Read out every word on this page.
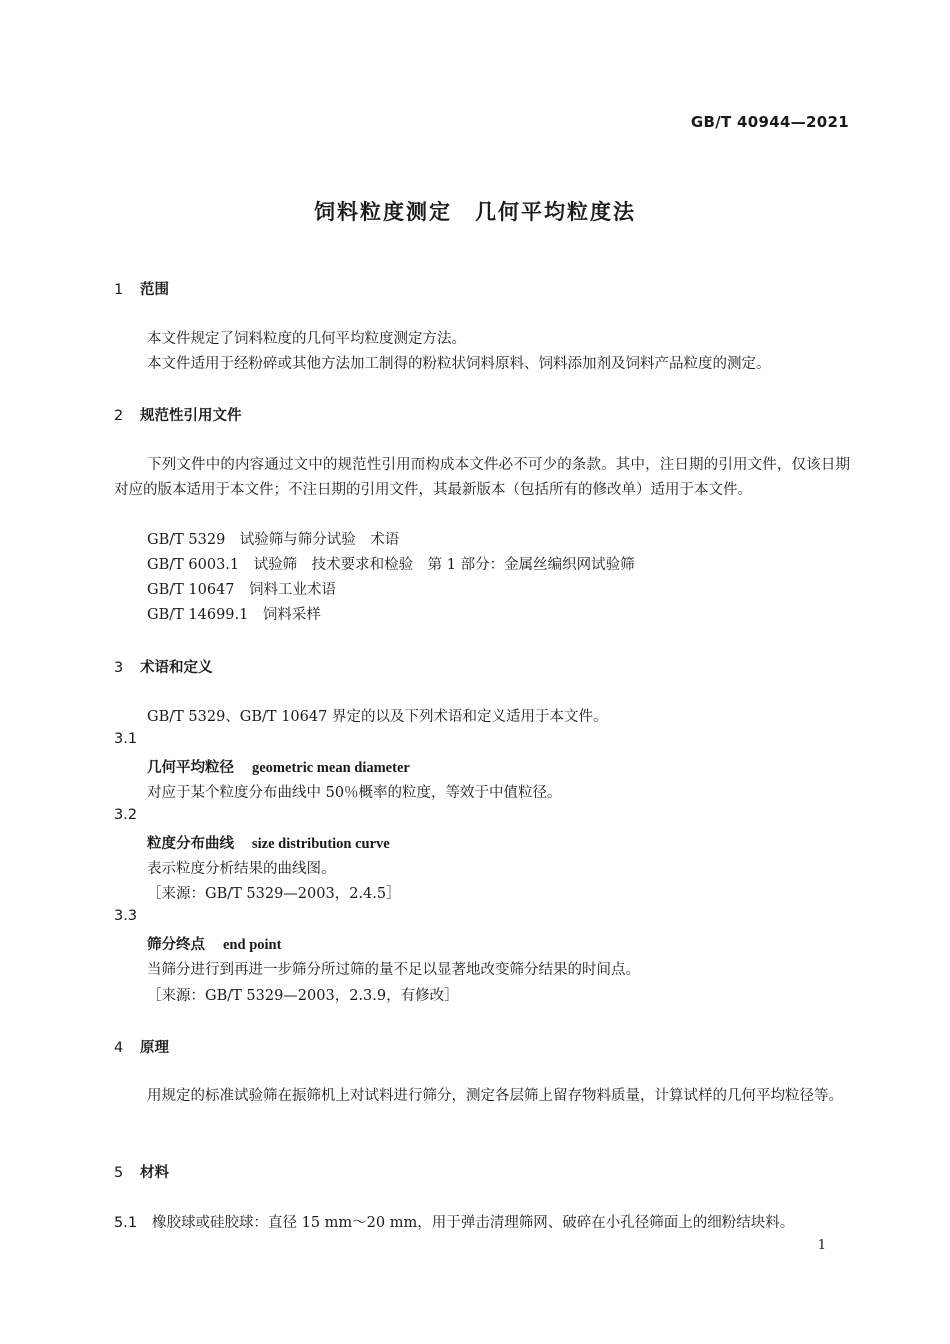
GB/T 40944—2021
饲料粒度测定　几何平均粒度法
1 范围
本文件规定了饲料粒度的几何平均粒度测定方法。
本文件适用于经粉碎或其他方法加工制得的粉粒状饲料原料、饲料添加剂及饲料产品粒度的测定。
2 规范性引用文件
下列文件中的内容通过文中的规范性引用而构成本文件必不可少的条款。其中，注日期的引用文件，仅该日期对应的版本适用于本文件；不注日期的引用文件，其最新版本（包括所有的修改单）适用于本文件。
GB/T 5329　试验筛与筛分试验　术语
GB/T 6003.1　试验筛　技术要求和检验　第 1 部分：金属丝编织网试验筛
GB/T 10647　饲料工业术语
GB/T 14699.1　饲料采样
3 术语和定义
GB/T 5329、GB/T 10647 界定的以及下列术语和定义适用于本文件。
3.1
几何平均粒径 geometric mean diameter
对应于某个粒度分布曲线中 50％概率的粒度，等效于中值粒径。
3.2
粒度分布曲线 size distribution curve
表示粒度分析结果的曲线图。
［来源：GB/T 5329—2003，2.4.5］
3.3
筛分终点 end point
当筛分进行到再进一步筛分所过筛的量不足以显著地改变筛分结果的时间点。
［来源：GB/T 5329—2003，2.3.9，有修改］
4 原理
用规定的标准试验筛在振筛机上对试料进行筛分，测定各层筛上留存物料质量，计算试样的几何平均粒径等。
5 材料
5.1 橡胶球或硅胶球：直径 15 mm～20 mm，用于弹击清理筛网、破碎在小孔径筛面上的细粉结块料。
1
